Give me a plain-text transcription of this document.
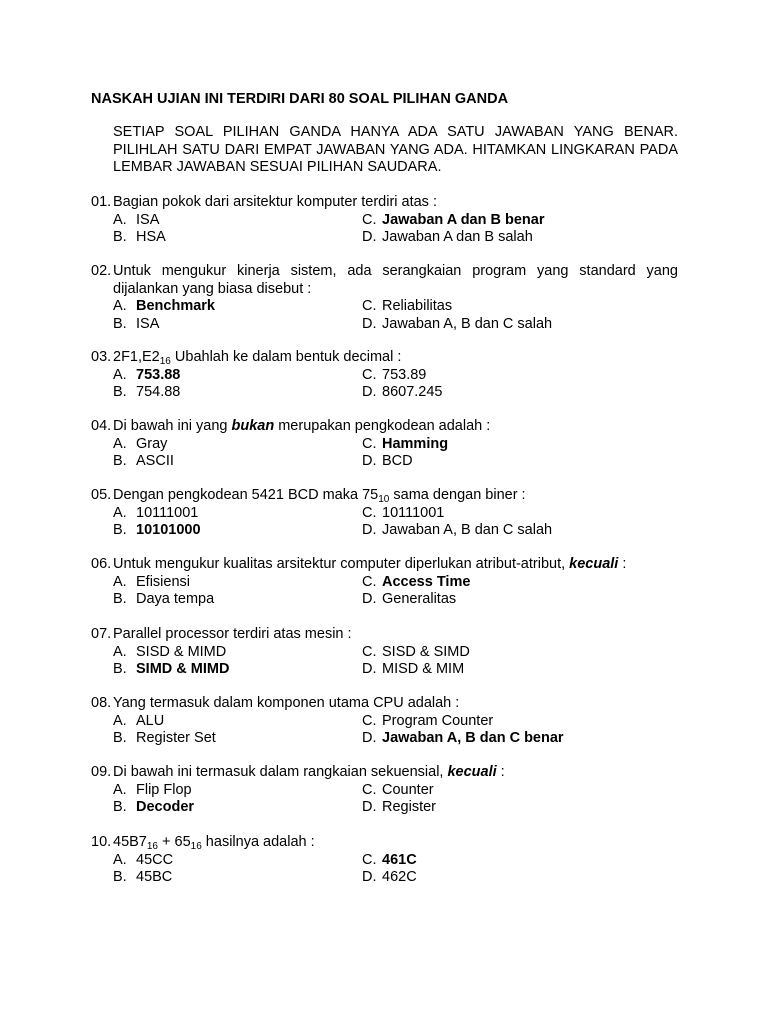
NASKAH UJIAN INI TERDIRI DARI 80 SOAL PILIHAN GANDA
SETIAP SOAL PILIHAN GANDA HANYA ADA SATU JAWABAN YANG BENAR. PILIHLAH SATU DARI EMPAT JAWABAN YANG ADA. HITAMKAN LINGKARAN PADA LEMBAR JAWABAN SESUAI PILIHAN SAUDARA.
01. Bagian pokok dari arsitektur komputer terdiri atas :
A. ISA	C. Jawaban A dan B benar
B. HSA	D. Jawaban A dan B salah
02. Untuk mengukur kinerja sistem, ada serangkaian program yang standard yang dijalankan yang biasa disebut :
A. Benchmark	C. Reliabilitas
B. ISA	D. Jawaban A, B dan C salah
03. $2F1,E2_{16}$ Ubahlah ke dalam bentuk decimal :
A. 753.88	C. 753.89
B. 754.88	D. 8607.245
04. Di bawah ini yang bukan merupakan pengkodean adalah :
A. Gray	C. Hamming
B. ASCII	D. BCD
05. Dengan pengkodean 5421 BCD maka $75_{10}$ sama dengan biner :
A. 10111001	C. 10111001
B. 10101000	D. Jawaban A, B dan C salah
06. Untuk mengukur kualitas arsitektur computer diperlukan atribut-atribut, kecuali :
A. Efisiensi	C. Access Time
B. Daya tempa	D. Generalitas
07. Parallel processor terdiri atas mesin :
A. SISD & MIMD	C. SISD & SIMD
B. SIMD & MIMD	D. MISD & MIM
08. Yang termasuk dalam komponen utama CPU adalah :
A. ALU	C. Program Counter
B. Register Set	D. Jawaban A, B dan C benar
09. Di bawah ini termasuk dalam rangkaian sekuensial, kecuali :
A. Flip Flop	C. Counter
B. Decoder	D. Register
10. $45B7_{16} + 65_{16}$ hasilnya adalah :
A. 45CC	C. 461C
B. 45BC	D. 462C
